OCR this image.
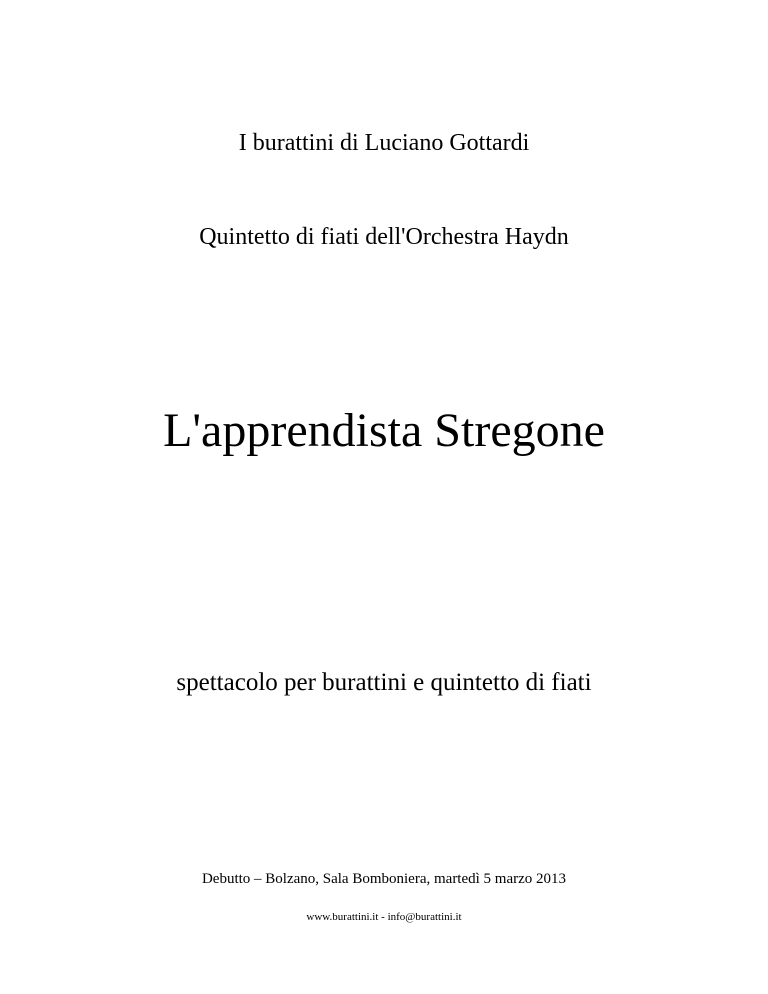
I burattini di Luciano Gottardi
Quintetto di fiati dell'Orchestra Haydn
L'apprendista Stregone
spettacolo per burattini e quintetto di fiati
Debutto – Bolzano, Sala Bomboniera, martedì 5 marzo 2013
www.burattini.it - info@burattini.it
